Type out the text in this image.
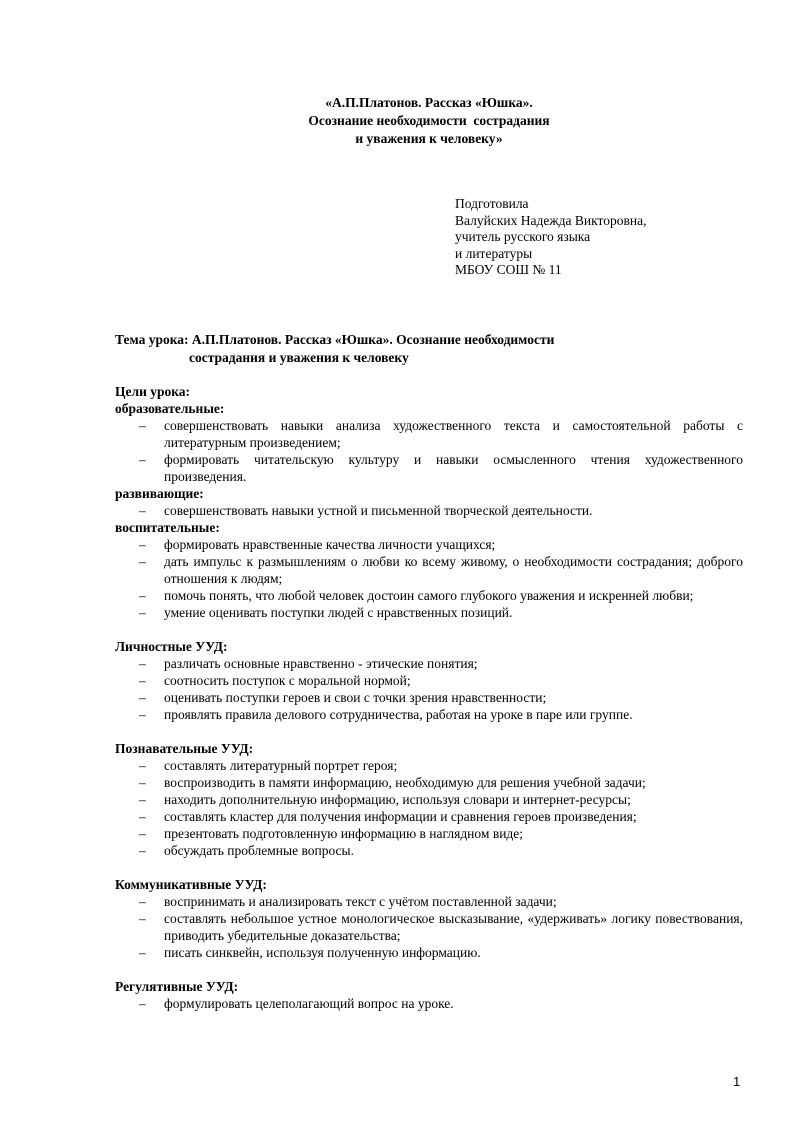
«А.П.Платонов. Рассказ «Юшка».
Осознание необходимости  сострадания
и уважения к человеку»
Подготовила
Валуйских Надежда Викторовна,
учитель русского языка
и литературы
МБОУ СОШ № 11
Тема урока: А.П.Платонов. Рассказ «Юшка». Осознание необходимости
сострадания и уважения к человеку
Цели урока:
образовательные:
– совершенствовать навыки анализа художественного текста и самостоятельной работы с литературным произведением;
– формировать читательскую культуру и навыки осмысленного чтения художественного произведения.
развивающие:
– совершенствовать навыки устной и письменной творческой деятельности.
воспитательные:
– формировать нравственные качества личности учащихся;
– дать импульс к размышлениям о любви ко всему живому, о необходимости сострадания; доброго отношения к людям;
– помочь понять, что любой человек достоин самого глубокого уважения и искренней любви;
– умение оценивать поступки людей с нравственных позиций.
Личностные УУД:
– различать основные нравственно - этические понятия;
– соотносить поступок с моральной нормой;
– оценивать поступки героев и свои с точки зрения нравственности;
– проявлять правила делового сотрудничества, работая на уроке в паре или группе.
Познавательные УУД:
– составлять литературный портрет героя;
– воспроизводить в памяти информацию, необходимую для решения учебной задачи;
– находить дополнительную информацию, используя словари и интернет-ресурсы;
– составлять кластер для получения информации и сравнения героев произведения;
– презентовать подготовленную информацию в наглядном виде;
– обсуждать проблемные вопросы.
Коммуникативные УУД:
– воспринимать и анализировать текст с учётом поставленной задачи;
– составлять небольшое устное монологическое высказывание, «удерживать» логику повествования, приводить убедительные доказательства;
– писать синквейн, используя полученную информацию.
Регулятивные УУД:
– формулировать целеполагающий вопрос на уроке.
1
